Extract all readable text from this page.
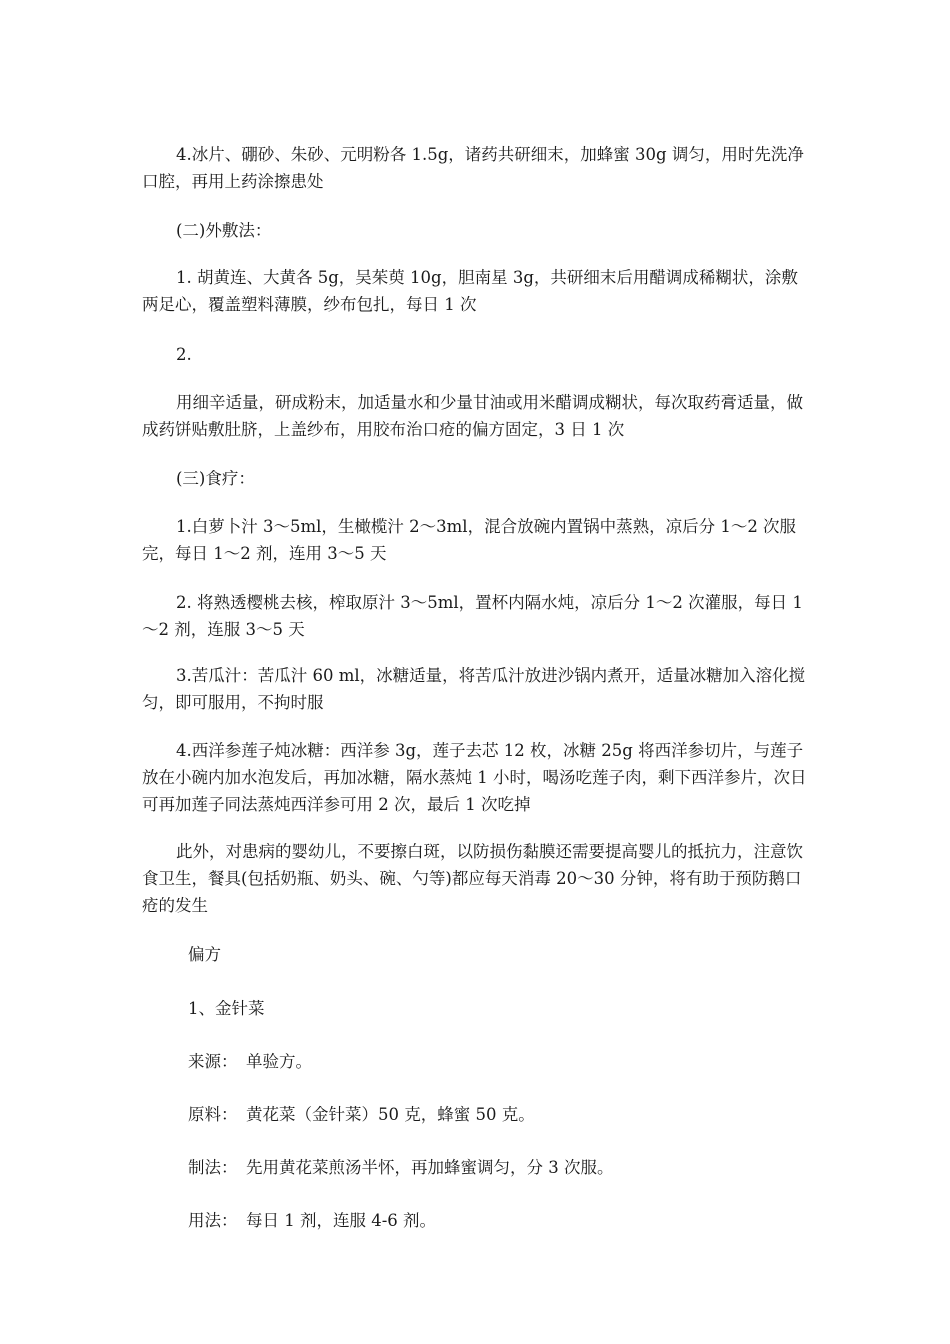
4.冰片、硼砂、朱砂、元明粉各 1.5g，诸药共研细末，加蜂蜜 30g 调匀，用时先洗净口腔，再用上药涂擦患处

(二)外敷法：

1. 胡黄连、大黄各 5g，吴茱萸 10g，胆南星 3g，共研细末后用醋调成稀糊状，涂敷两足心，覆盖塑料薄膜，纱布包扎，每日 1 次

2.

用细辛适量，研成粉末，加适量水和少量甘油或用米醋调成糊状，每次取药膏适量，做成药饼贴敷肚脐，上盖纱布，用胶布治口疮的偏方固定，3 日 1 次

(三)食疗：

1.白萝卜汁 3～5ml，生橄榄汁 2～3ml，混合放碗内置锅中蒸熟，凉后分 1～2 次服完，每日 1～2 剂，连用 3～5 天

2. 将熟透樱桃去核，榨取原汁 3～5ml，置杯内隔水炖，凉后分 1～2 次灌服，每日 1～2 剂，连服 3～5 天

3.苦瓜汁：苦瓜汁 60 ml，冰糖适量，将苦瓜汁放进沙锅内煮开，适量冰糖加入溶化搅匀，即可服用，不拘时服

4.西洋参莲子炖冰糖：西洋参 3g，莲子去芯 12 枚，冰糖 25g 将西洋参切片，与莲子放在小碗内加水泡发后，再加冰糖，隔水蒸炖 1 小时，喝汤吃莲子肉，剩下西洋参片，次日可再加莲子同法蒸炖西洋参可用 2 次，最后 1 次吃掉

此外，对患病的婴幼儿，不要擦白斑，以防损伤黏膜还需要提高婴儿的抵抗力，注意饮食卫生，餐具(包括奶瓶、奶头、碗、勺等)都应每天消毒 20～30 分钟，将有助于预防鹅口疮的发生

偏方

1、金针菜

来源： 单验方。

原料： 黄花菜（金针菜）50 克，蜂蜜 50 克。

制法： 先用黄花菜煎汤半怀，再加蜂蜜调匀，分 3 次服。

用法： 每日 1 剂，连服 4-6 剂。
